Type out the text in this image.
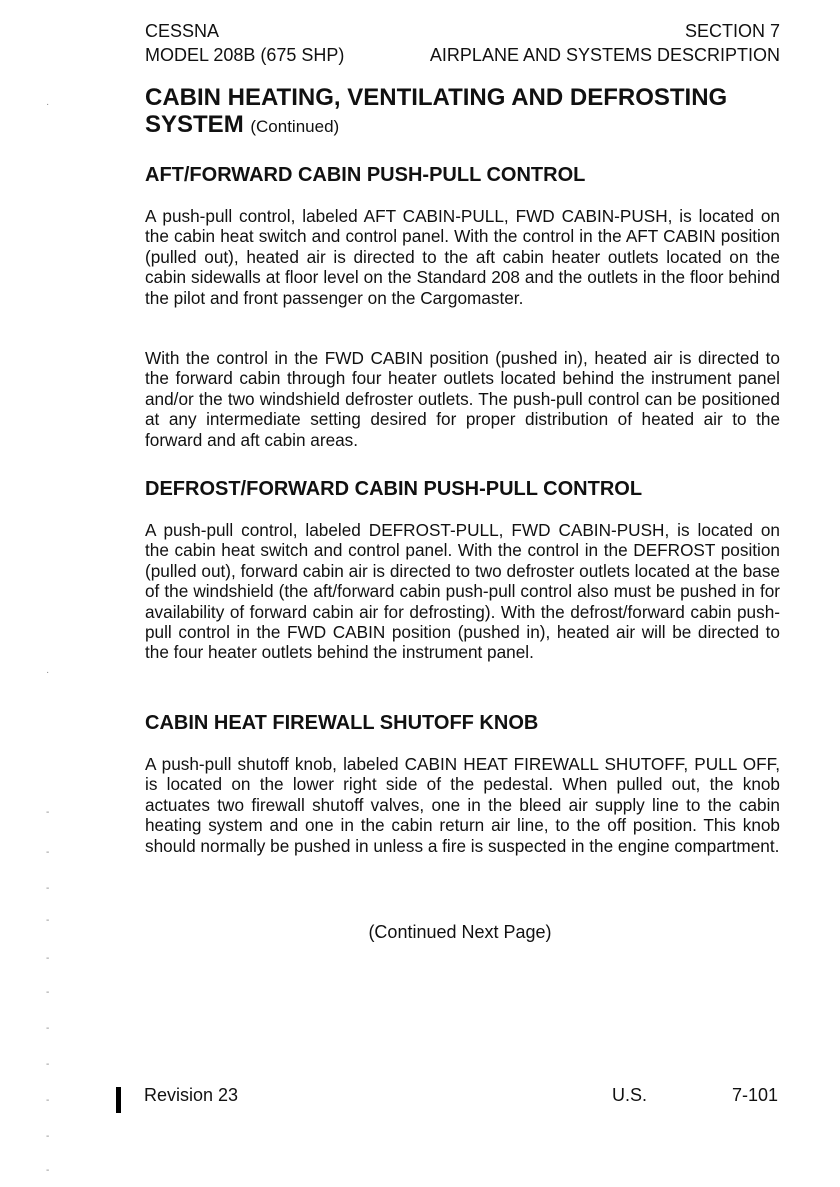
CESSNA	SECTION 7
MODEL 208B (675 SHP)	AIRPLANE AND SYSTEMS DESCRIPTION
CABIN HEATING, VENTILATING AND DEFROSTING
SYSTEM (Continued)
AFT/FORWARD CABIN PUSH-PULL CONTROL
A push-pull control, labeled AFT CABIN-PULL, FWD CABIN-PUSH, is located on the cabin heat switch and control panel. With the control in the AFT CABIN position (pulled out), heated air is directed to the aft cabin heater outlets located on the cabin sidewalls at floor level on the Standard 208 and the outlets in the floor behind the pilot and front passenger on the Cargomaster.
With the control in the FWD CABIN position (pushed in), heated air is directed to the forward cabin through four heater outlets located behind the instrument panel and/or the two windshield defroster outlets. The push-pull control can be positioned at any intermediate setting desired for proper distribution of heated air to the forward and aft cabin areas.
DEFROST/FORWARD CABIN PUSH-PULL CONTROL
A push-pull control, labeled DEFROST-PULL, FWD CABIN-PUSH, is located on the cabin heat switch and control panel. With the control in the DEFROST position (pulled out), forward cabin air is directed to two defroster outlets located at the base of the windshield (the aft/forward cabin push-pull control also must be pushed in for availability of forward cabin air for defrosting). With the defrost/forward cabin push-pull control in the FWD CABIN position (pushed in), heated air will be directed to the four heater outlets behind the instrument panel.
CABIN HEAT FIREWALL SHUTOFF KNOB
A push-pull shutoff knob, labeled CABIN HEAT FIREWALL SHUTOFF, PULL OFF, is located on the lower right side of the pedestal. When pulled out, the knob actuates two firewall shutoff valves, one in the bleed air supply line to the cabin heating system and one in the cabin return air line, to the off position. This knob should normally be pushed in unless a fire is suspected in the engine compartment.
(Continued Next Page)
Revision 23	U.S.	7-101
·
·
-
-
-
-
-
-
-
-
-
-
-
